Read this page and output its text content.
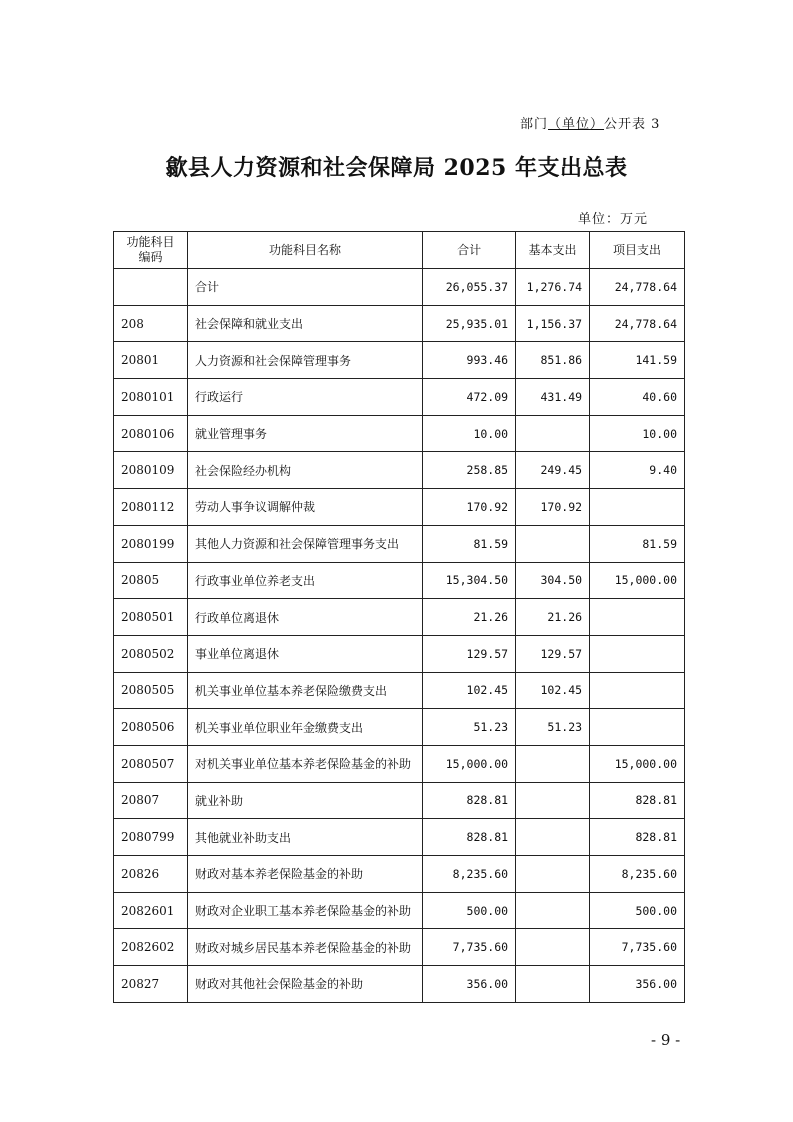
部门（单位）公开表 3
歙县人力资源和社会保障局 2025 年支出总表
单位：万元
功能科目
编码	功能科目名称	合计	基本支出	项目支出
	合计	26,055.37	1,276.74	24,778.64
208	社会保障和就业支出	25,935.01	1,156.37	24,778.64
20801	人力资源和社会保障管理事务	993.46	851.86	141.59
2080101	行政运行	472.09	431.49	40.60
2080106	就业管理事务	10.00		10.00
2080109	社会保险经办机构	258.85	249.45	9.40
2080112	劳动人事争议调解仲裁	170.92	170.92	
2080199	其他人力资源和社会保障管理事务支出	81.59		81.59
20805	行政事业单位养老支出	15,304.50	304.50	15,000.00
2080501	行政单位离退休	21.26	21.26	
2080502	事业单位离退休	129.57	129.57	
2080505	机关事业单位基本养老保险缴费支出	102.45	102.45	
2080506	机关事业单位职业年金缴费支出	51.23	51.23	
2080507	对机关事业单位基本养老保险基金的补助	15,000.00		15,000.00
20807	就业补助	828.81		828.81
2080799	其他就业补助支出	828.81		828.81
20826	财政对基本养老保险基金的补助	8,235.60		8,235.60
2082601	财政对企业职工基本养老保险基金的补助	500.00		500.00
2082602	财政对城乡居民基本养老保险基金的补助	7,735.60		7,735.60
20827	财政对其他社会保险基金的补助	356.00		356.00
- 9 -
